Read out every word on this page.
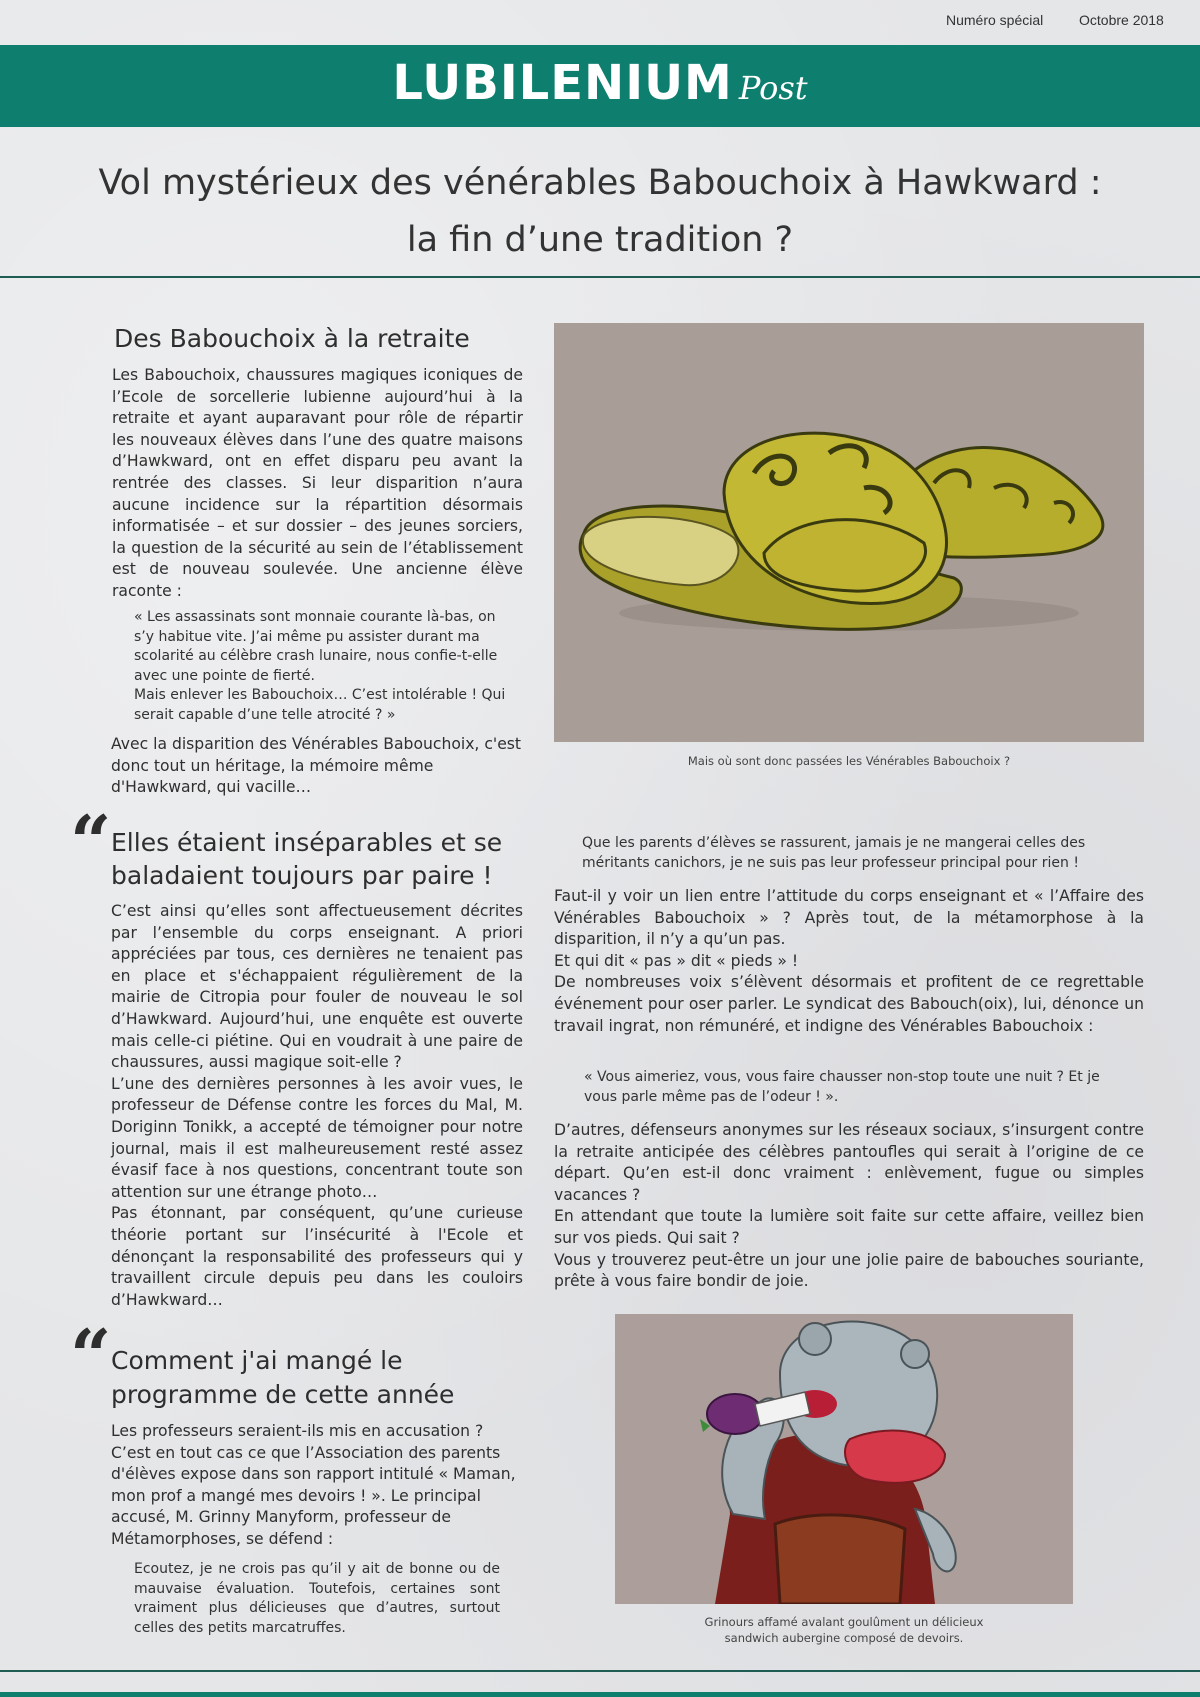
Numéro spécial	Octobre 2018
LUBILENIUM Post
Vol mystérieux des vénérables Babouchoix à Hawkward :
la fin d’une tradition ?
Des Babouchoix à la retraite
Les Babouchoix, chaussures magiques iconiques de l’Ecole de sorcellerie lubienne aujourd’hui à la retraite et ayant auparavant pour rôle de répartir les nouveaux élèves dans l’une des quatre maisons d’Hawkward, ont en effet disparu peu avant la rentrée des classes. Si leur disparition n’aura aucune incidence sur la répartition désormais informatisée – et sur dossier – des jeunes sorciers, la question de la sécurité au sein de l’établissement est de nouveau soulevée. Une ancienne élève raconte :
« Les assassinats sont monnaie courante là-bas, on s’y habitue vite. J’ai même pu assister durant ma scolarité au célèbre crash lunaire, nous confie-t-elle avec une pointe de fierté.
Mais enlever les Babouchoix… C’est intolérable ! Qui serait capable d’une telle atrocité ? »
Avec la disparition des Vénérables Babouchoix, c'est donc tout un héritage, la mémoire même d'Hawkward, qui vacille…
Mais où sont donc passées les Vénérables Babouchoix ?
“ Elles étaient inséparables et se
baladaient toujours par paire !

C’est ainsi qu’elles sont affectueusement décrites par l’ensemble du corps enseignant. A priori appréciées par tous, ces dernières ne tenaient pas en place et s'échappaient régulièrement de la mairie de Citropia pour fouler de nouveau le sol d’Hawkward. Aujourd’hui, une enquête est ouverte mais celle-ci piétine. Qui en voudrait à une paire de chaussures, aussi magique soit-elle ?

L’une des dernières personnes à les avoir vues, le professeur de Défense contre les forces du Mal, M. Doriginn Tonikk, a accepté de témoigner pour notre journal, mais il est malheureusement resté assez évasif face à nos questions, concentrant toute son attention sur une étrange photo…

Pas étonnant, par conséquent, qu’une curieuse théorie portant sur l’insécurité à l'Ecole et dénonçant la responsabilité des professeurs qui y travaillent circule depuis peu dans les couloirs d’Hawkward…

“ Comment j'ai mangé le
programme de cette année
Les professeurs seraient-ils mis en accusation ? C’est en tout cas ce que l’Association des parents d'élèves expose dans son rapport intitulé « Maman, mon prof a mangé mes devoirs ! ». Le principal accusé, M. Grinny Manyform, professeur de Métamorphoses, se défend :
Ecoutez, je ne crois pas qu’il y ait de bonne ou de mauvaise évaluation. Toutefois, certaines sont vraiment plus délicieuses que d’autres, surtout celles des petits marcatruffes.
Que les parents d’élèves se rassurent, jamais je ne mangerai celles des méritants canichors, je ne suis pas leur professeur principal pour rien !

Faut-il y voir un lien entre l’attitude du corps enseignant et « l’Affaire des Vénérables Babouchoix » ? Après tout, de la métamorphose à la disparition, il n’y a qu’un pas.

Et qui dit « pas » dit « pieds » !

De nombreuses voix s’élèvent désormais et profitent de ce regrettable événement pour oser parler. Le syndicat des Babouch(oix), lui, dénonce un travail ingrat, non rémunéré, et indigne des Vénérables Babouchoix :

« Vous aimeriez, vous, vous faire chausser non-stop toute une nuit ? Et je vous parle même pas de l’odeur ! ».

D’autres, défenseurs anonymes sur les réseaux sociaux, s’insurgent contre la retraite anticipée des célèbres pantoufles qui serait à l’origine de ce départ. Qu’en est-il donc vraiment : enlèvement, fugue ou simples vacances ?

En attendant que toute la lumière soit faite sur cette affaire, veillez bien sur vos pieds. Qui sait ?

Vous y trouverez peut-être un jour une jolie paire de babouches souriante, prête à vous faire bondir de joie.

Grinours affamé avalant goulûment un délicieux
sandwich aubergine composé de devoirs.
